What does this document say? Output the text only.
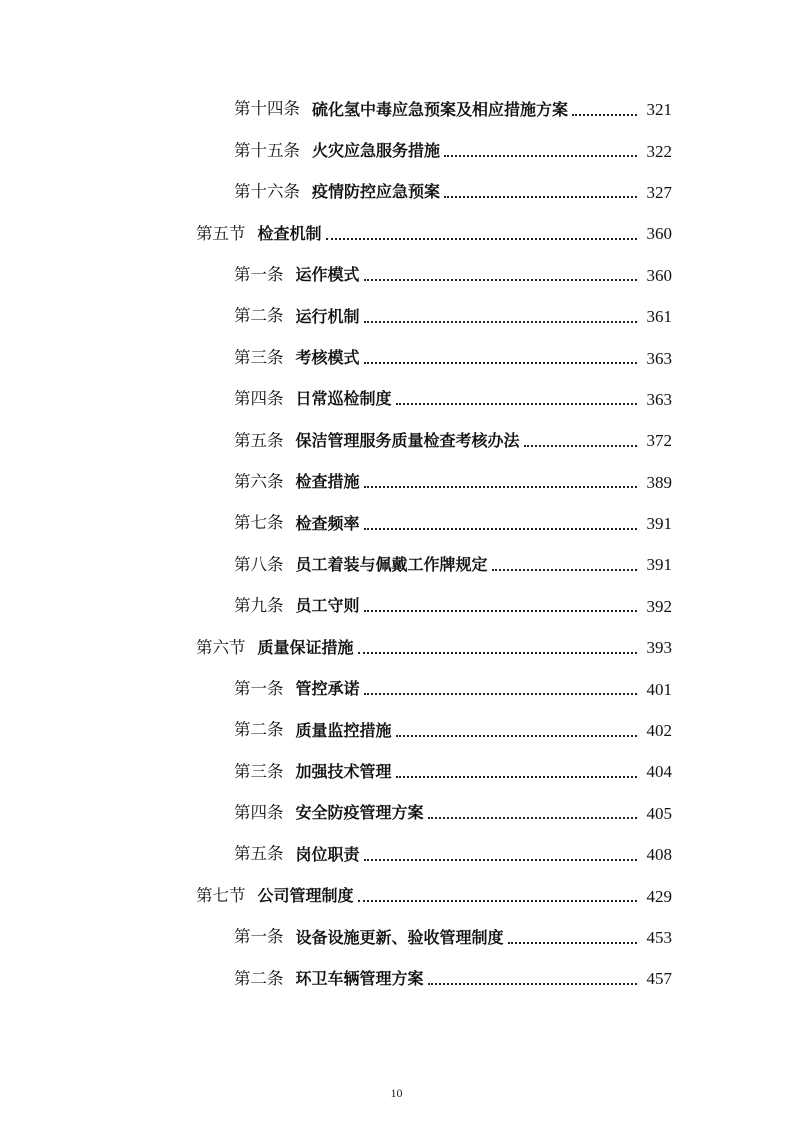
第十四条 硫化氢中毒应急预案及相应措施方案	321
第十五条 火灾应急服务措施	322
第十六条 疫情防控应急预案	327
第五节 检查机制	360
第一条 运作模式	360
第二条 运行机制	361
第三条 考核模式	363
第四条 日常巡检制度	363
第五条 保洁管理服务质量检查考核办法	372
第六条 检查措施	389
第七条 检查频率	391
第八条 员工着装与佩戴工作牌规定	391
第九条 员工守则	392
第六节 质量保证措施	393
第一条 管控承诺	401
第二条 质量监控措施	402
第三条 加强技术管理	404
第四条 安全防疫管理方案	405
第五条 岗位职责	408
第七节 公司管理制度	429
第一条 设备设施更新、验收管理制度	453
第二条 环卫车辆管理方案	457
10
